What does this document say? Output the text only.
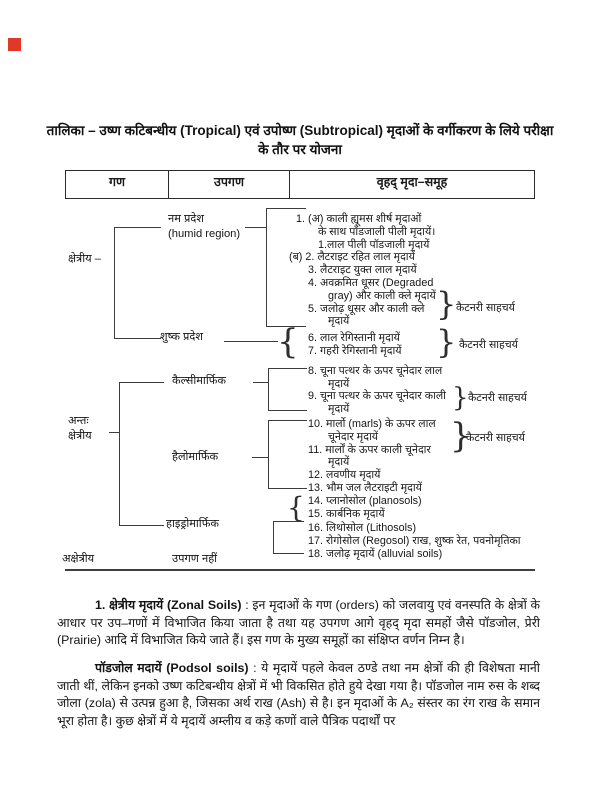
तालिका – उष्ण कटिबन्धीय (Tropical) एवं उपोष्ण (Subtropical) मृदाओं के वर्गीकरण के लिये परीक्षा
के तौर पर योजना
गण	उपगण	वृहद् मृदा–समूह
क्षेत्रीय –
अन्तः
क्षेत्रीय
अक्षेत्रीय
नम प्रदेश
(humid region)
शुष्क प्रदेश
कैल्सीमार्फिक
हैलोमार्फिक
हाइड्रोमार्फिक
उपगण नहीं
{
{
1. (अ) काली ह्यूमस शीर्ष मृदाओं
के साथ पॉडजाली पीली मृदायें।
1.लाल पीली पॉडजाली मृदायें
(ब) 2. लैटराइट रहित लाल मृदायें
3. लैटराइट युक्त लाल मृदायें
4. अवक्रमित धूसर (Degraded
gray) और काली क्ले मृदायें
5. जलोढ़ धूसर और काली क्ले
मृदायें
6. लाल रेगिस्तानी मृदायें
7. गहरी रेगिस्तानी मृदायें
8. चूना पत्थर के ऊपर चूनेदार लाल
मृदायें
9. चूना पत्थर के ऊपर चूनेदार काली
मृदायें
10. मार्लो (marls) के ऊपर लाल
चूनेदार मृदायें
11. मार्लों के ऊपर काली चूनेदार
मृदायें
12. लवणीय मृदायें
13. भौम जल लैटराइटी मृदायें
14. प्लानोसोल (planosols)
15. कार्बनिक मृदायें
16. लिथोसोल (Lithosols)
17. रोगोसोल (Regosol) राख, शुष्क रेत, पवनोमृतिका
18. जलोढ़ मृदायें (alluvial soils)
}
कैटनरी साहचर्य
}
कैटनरी साहचर्य
}
कैटनरी साहचर्य
}
कैटनरी साहचर्य
1. क्षेत्रीय मृदायें (Zonal Soils) : इन मृदाओं के गण (orders) को जलवायु एवं वनस्पति के क्षेत्रों के आधार पर उप–गणों में विभाजित किया जाता है तथा यह उपगण आगे वृहद् मृदा समहों जैसे पॉडजोल, प्रेरी (Prairie) आदि में विभाजित किये जाते हैं। इस गण के मुख्य समूहों का संक्षिप्त वर्णन निम्न है।
पॉडजोल मदायें (Podsol soils) : ये मृदायें पहले केवल ठण्डे तथा नम क्षेत्रों की ही विशेषता मानी जाती थीं, लेकिन इनको उष्ण कटिबन्धीय क्षेत्रों में भी विकसित होते हुये देखा गया है। पॉडजोल नाम रुस के शब्द जोला (zola) से उत्पन्न हुआ है, जिसका अर्थ राख (Ash) से है। इन मृदाओं के A₂ संस्तर का रंग राख के समान भूरा होता है। कुछ क्षेत्रों में ये मृदायें अम्लीय व कड़े कणों वाले पैत्रिक पदार्थों पर
